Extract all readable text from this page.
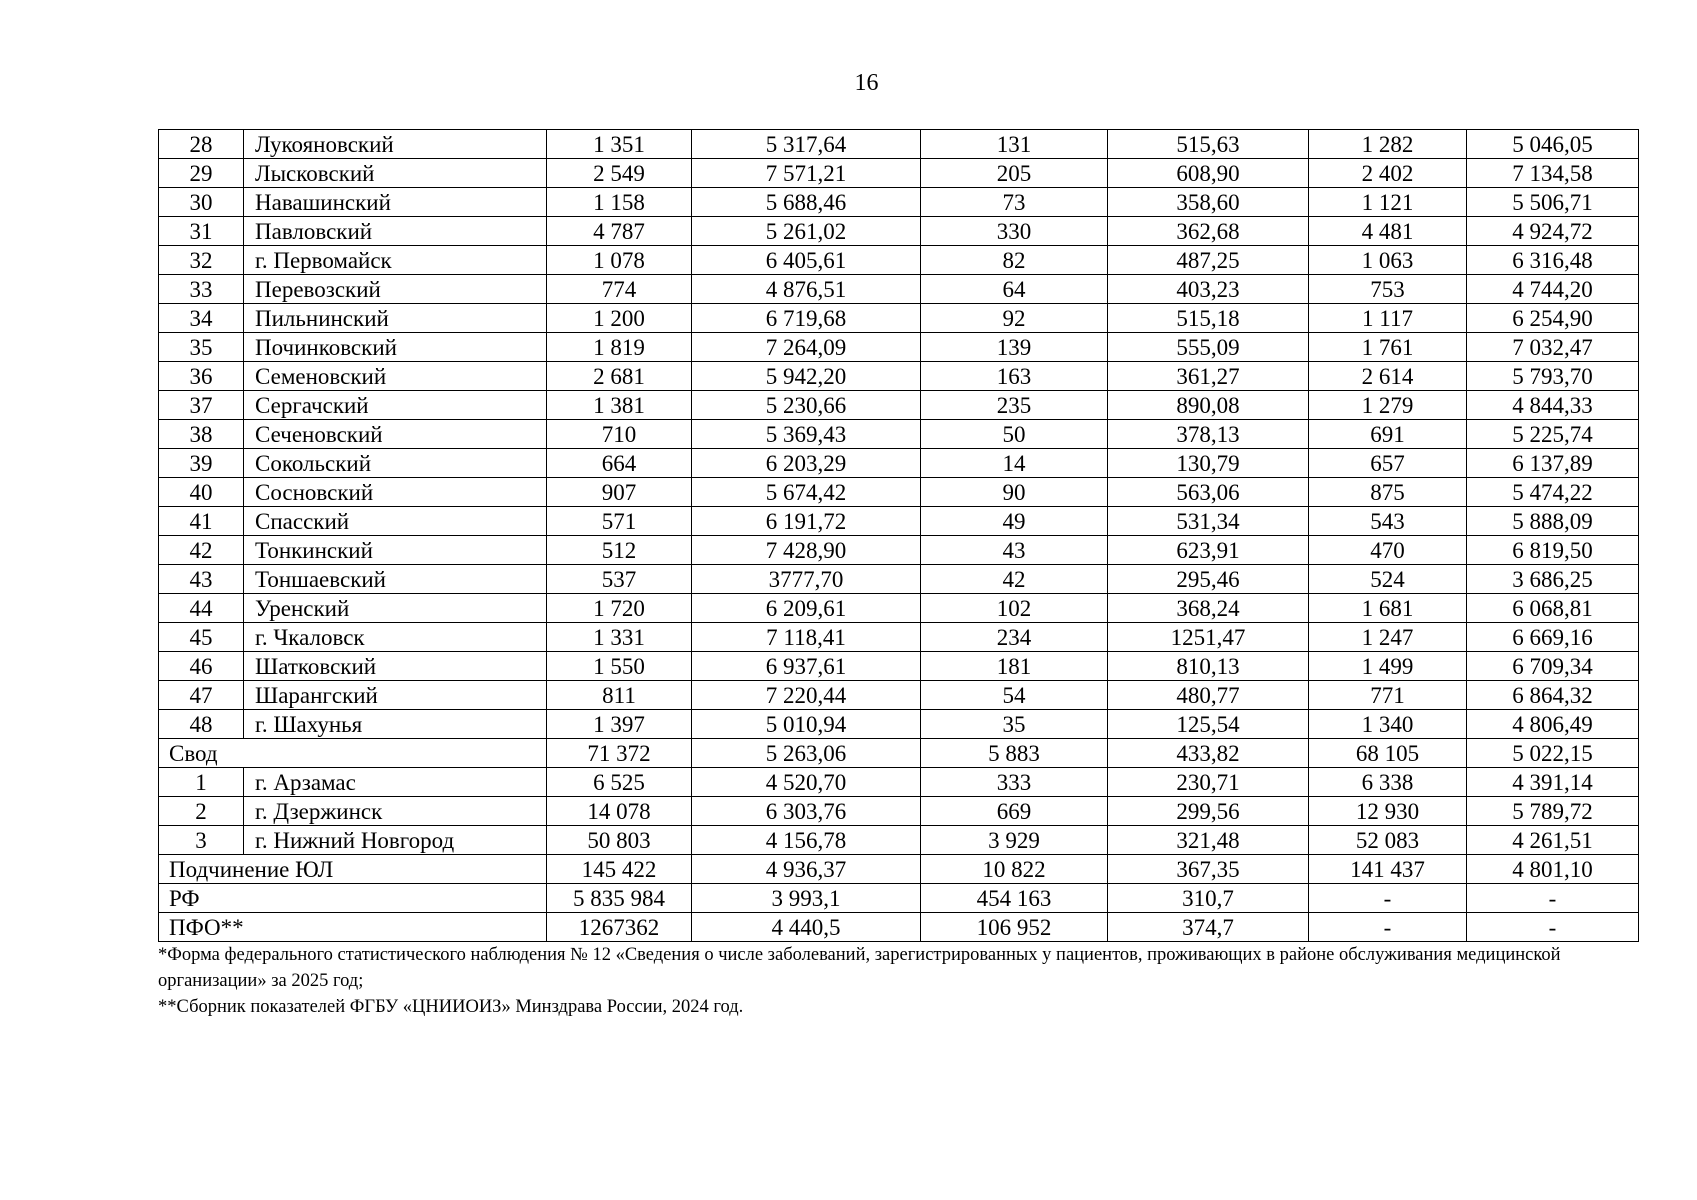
16
28	Лукояновский	1 351	5 317,64	131	515,63	1 282	5 046,05
29	Лысковский	2 549	7 571,21	205	608,90	2 402	7 134,58
30	Навашинский	1 158	5 688,46	73	358,60	1 121	5 506,71
31	Павловский	4 787	5 261,02	330	362,68	4 481	4 924,72
32	г. Первомайск	1 078	6 405,61	82	487,25	1 063	6 316,48
33	Перевозский	774	4 876,51	64	403,23	753	4 744,20
34	Пильнинский	1 200	6 719,68	92	515,18	1 117	6 254,90
35	Починковский	1 819	7 264,09	139	555,09	1 761	7 032,47
36	Семеновский	2 681	5 942,20	163	361,27	2 614	5 793,70
37	Сергачский	1 381	5 230,66	235	890,08	1 279	4 844,33
38	Сеченовский	710	5 369,43	50	378,13	691	5 225,74
39	Сокольский	664	6 203,29	14	130,79	657	6 137,89
40	Сосновский	907	5 674,42	90	563,06	875	5 474,22
41	Спасский	571	6 191,72	49	531,34	543	5 888,09
42	Тонкинский	512	7 428,90	43	623,91	470	6 819,50
43	Тоншаевский	537	3777,70	42	295,46	524	3 686,25
44	Уренский	1 720	6 209,61	102	368,24	1 681	6 068,81
45	г. Чкаловск	1 331	7 118,41	234	1251,47	1 247	6 669,16
46	Шатковский	1 550	6 937,61	181	810,13	1 499	6 709,34
47	Шарангский	811	7 220,44	54	480,77	771	6 864,32
48	г. Шахунья	1 397	5 010,94	35	125,54	1 340	4 806,49
Свод		71 372	5 263,06	5 883	433,82	68 105	5 022,15
1	г. Арзамас	6 525	4 520,70	333	230,71	6 338	4 391,14
2	г. Дзержинск	14 078	6 303,76	669	299,56	12 930	5 789,72
3	г. Нижний Новгород	50 803	4 156,78	3 929	321,48	52 083	4 261,51
Подчинение ЮЛ		145 422	4 936,37	10 822	367,35	141 437	4 801,10
РФ		5 835 984	3 993,1	454 163	310,7	-	-
ПФО**		1267362	4 440,5	106 952	374,7	-	-
*Форма федерального статистического наблюдения № 12 «Сведения о числе заболеваний, зарегистрированных у пациентов, проживающих в районе обслуживания медицинской организации» за 2025 год;
**Сборник показателей ФГБУ «ЦНИИОИЗ» Минздрава России, 2024 год.
